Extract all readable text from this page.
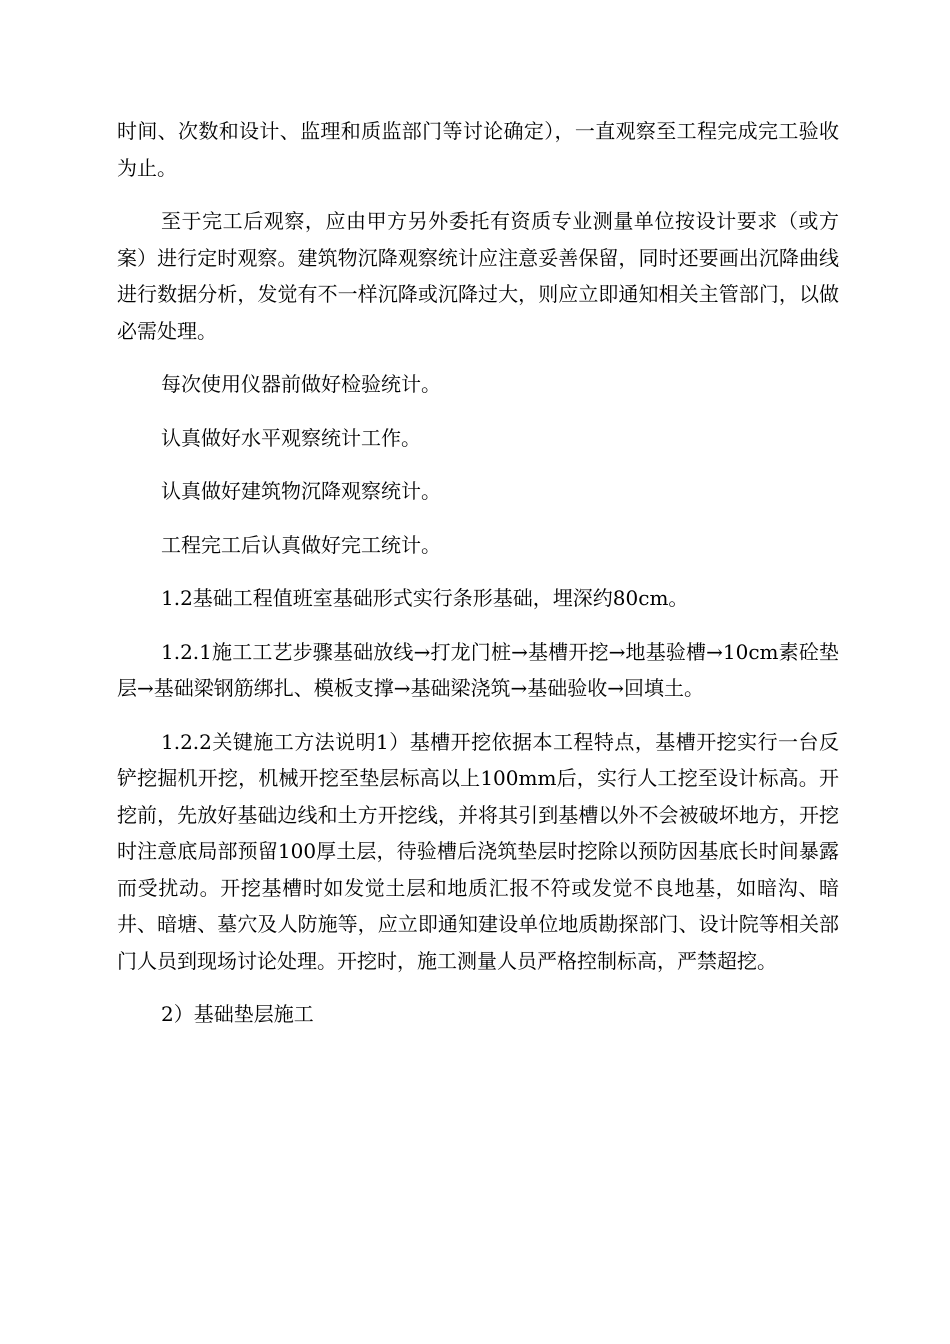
时间、次数和设计、监理和质监部门等讨论确定），一直观察至工程完成完工验收为止。

至于完工后观察，应由甲方另外委托有资质专业测量单位按设计要求（或方案）进行定时观察。建筑物沉降观察统计应注意妥善保留，同时还要画出沉降曲线进行数据分析，发觉有不一样沉降或沉降过大，则应立即通知相关主管部门，以做必需处理。

每次使用仪器前做好检验统计。

认真做好水平观察统计工作。

认真做好建筑物沉降观察统计。

工程完工后认真做好完工统计。

1.2基础工程值班室基础形式实行条形基础，埋深约80cm。

1.2.1施工工艺步骤基础放线→打龙门桩→基槽开挖→地基验槽→10cm素砼垫层→基础梁钢筋绑扎、模板支撑→基础梁浇筑→基础验收→回填土。

1.2.2关键施工方法说明1）基槽开挖依据本工程特点，基槽开挖实行一台反铲挖掘机开挖，机械开挖至垫层标高以上100mm后，实行人工挖至设计标高。开挖前，先放好基础边线和土方开挖线，并将其引到基槽以外不会被破坏地方，开挖时注意底局部预留100厚土层，待验槽后浇筑垫层时挖除以预防因基底长时间暴露而受扰动。开挖基槽时如发觉土层和地质汇报不符或发觉不良地基，如暗沟、暗井、暗塘、墓穴及人防施等，应立即通知建设单位地质勘探部门、设计院等相关部门人员到现场讨论处理。开挖时，施工测量人员严格控制标高，严禁超挖。

2）基础垫层施工
